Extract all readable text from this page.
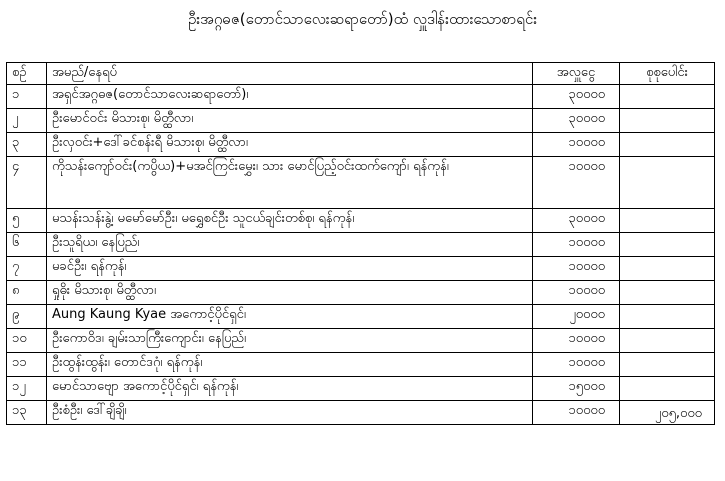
ဦးအဂ္ဂဓဇ(တောင်သာလေးဆရာတော်)ထံ လှူဒါန်းထားသောစာရင်း
စဉ်	အမည်/နေရပ်	အလှူငွေ	စုစုပေါင်း
၁	အရှင်အဂ္ဂဓဇ(တောင်သာလေးဆရာတော်)၊	၃၀၀၀၀	
၂	ဦးမောင်ဝင်း မိသားစု၊ မိတ္ထီလာ၊	၃၀၀၀၀	
၃	ဦးလှဝင်း+ဒေါ်ခင်စန်းရီ မိသားစု၊ မိတ္ထီလာ၊	၁၀၀၀၀	
၄	ကိုသန်းကျော်ဝင်း(ကပွိယ)+မအင်ကြင်းမွှေး၊ သား မောင်ပြည့်ဝင်းထက်ကျော်၊ ရန်ကုန်၊	၁၀၀၀၀	
၅	မသန်းသန်းနွဲ့၊ မမော်မော်ဦး၊ မရွှေစင်ဦး သူငယ်ချင်းတစ်စု၊ ရန်ကုန်၊	၃၀၀၀၀	
၆	ဦးသူရိယ၊ နေပြည်၊	၁၀၀၀၀	
၇	မခင်ဦး၊ ရန်ကုန်၊	၁၀၀၀၀	
၈	ရှုဓိုး မိသားစု၊ မိတ္ထီလာ၊	၁၀၀၀၀	
၉	Aung Kaung Kyae အကောင့်ပိုင်ရှင်၊	၂၀၀၀၀	
၁၀	ဦးကောဝိဒ၊ ချမ်းသာကြီးကျောင်း၊ နေပြည်၊	၁၀၀၀၀	
၁၁	ဦးထွန်းထွန်း၊ တောင်ဒဂုံ၊ ရန်ကုန်၊	၁၀၀၀၀	
၁၂	မောင်သာဗျော အကောင့်ပိုင်ရှင်၊ ရန်ကုန်၊	၁၅၀၀၀	
၁၃	ဦးစံဦး၊ ဒေါ်ချိချိ၊	၁၀၀၀၀	၂၀၅,၀၀၀
